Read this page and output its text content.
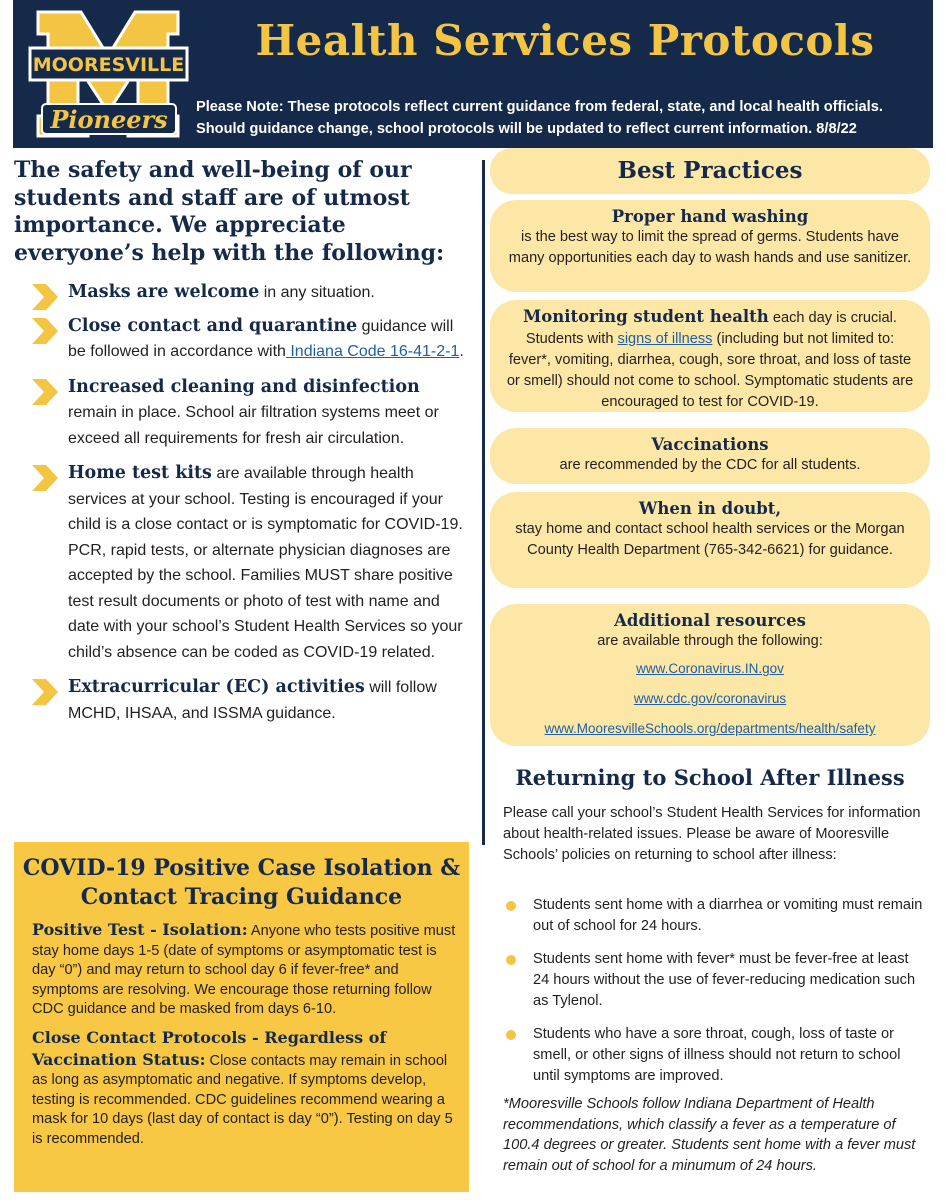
MOORESVILLE
Pioneers
Health Services Protocols
Please Note: These protocols reflect current guidance from federal, state, and local health officials.
Should guidance change, school protocols will be updated to reflect current information. 8/8/22
The safety and well-being of our students and staff are of utmost importance. We appreciate everyone’s help with the following:
Masks are welcome in any situation.
Close contact and quarantine guidance will be followed in accordance with Indiana Code 16-41-2-1.
Increased cleaning and disinfection remain in place. School air filtration systems meet or exceed all requirements for fresh air circulation.
Home test kits are available through health services at your school. Testing is encouraged if your child is a close contact or is symptomatic for COVID-19. PCR, rapid tests, or alternate physician diagnoses are accepted by the school. Families MUST share positive test result documents or photo of test with name and date with your school’s Student Health Services so your child’s absence can be coded as COVID-19 related.
Extracurricular (EC) activities will follow MCHD, IHSAA, and ISSMA guidance.
COVID-19 Positive Case Isolation & Contact Tracing Guidance

Positive Test - Isolation: Anyone who tests positive must stay home days 1-5 (date of symptoms or asymptomatic test is day “0”) and may return to school day 6 if fever-free* and symptoms are resolving. We encourage those returning follow CDC guidance and be masked from days 6-10.

Close Contact Protocols - Regardless of Vaccination Status: Close contacts may remain in school as long as asymptomatic and negative. If symptoms develop, testing is recommended. CDC guidelines recommend wearing a mask for 10 days (last day of contact is day “0”). Testing on day 5 is recommended.

Best Practices
Proper hand washing
is the best way to limit the spread of germs. Students have many opportunities each day to wash hands and use sanitizer.
Monitoring student health each day is crucial. Students with signs of illness (including but not limited to: fever*, vomiting, diarrhea, cough, sore throat, and loss of taste or smell) should not come to school. Symptomatic students are encouraged to test for COVID-19.
Vaccinations
are recommended by the CDC for all students.
When in doubt,
stay home and contact school health services or the Morgan County Health Department (765-342-6621) for guidance.
Additional resources
are available through the following:
www.Coronavirus.IN.gov
www.cdc.gov/coronavirus
www.MooresvilleSchools.org/departments/health/safety
Returning to School After Illness
Please call your school’s Student Health Services for information about health-related issues. Please be aware of Mooresville Schools’ policies on returning to school after illness:
Students sent home with a diarrhea or vomiting must remain out of school for 24 hours.
Students sent home with fever* must be fever-free at least 24 hours without the use of fever-reducing medication such as Tylenol.
Students who have a sore throat, cough, loss of taste or smell, or other signs of illness should not return to school until symptoms are improved.
*Mooresville Schools follow Indiana Department of Health recommendations, which classify a fever as a temperature of 100.4 degrees or greater. Students sent home with a fever must remain out of school for a minumum of 24 hours.
